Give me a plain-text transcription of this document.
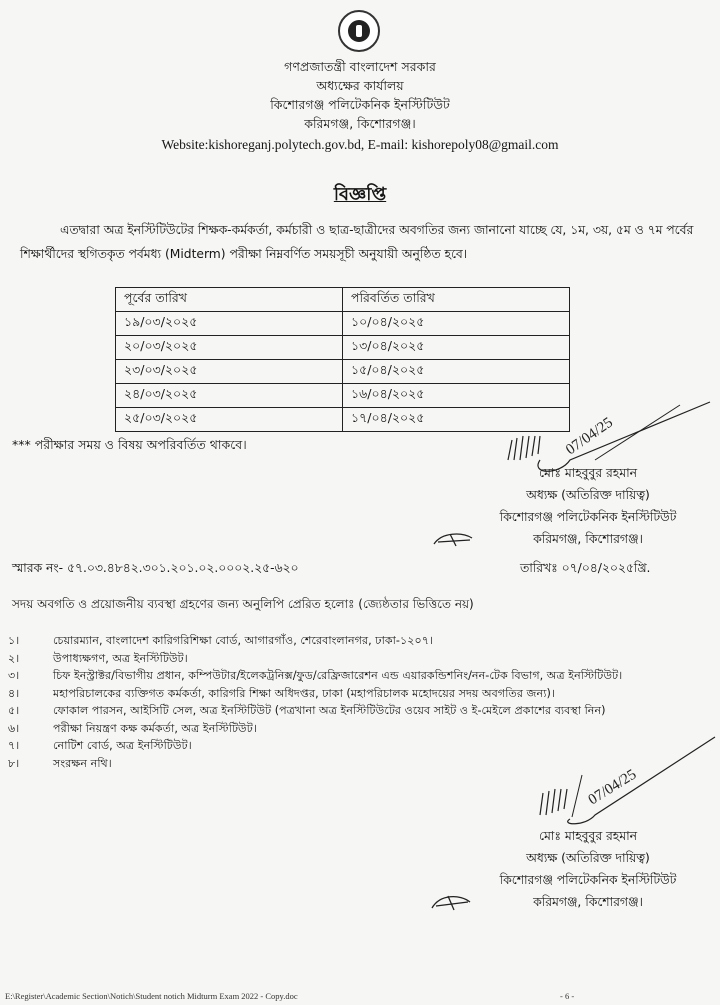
গণপ্রজাতন্ত্রী বাংলাদেশ সরকার
অধ্যক্ষের কার্যালয়
কিশোরগঞ্জ পলিটেকনিক ইনস্টিটিউট
করিমগঞ্জ, কিশোরগঞ্জ।
Website:kishoreganj.polytech.gov.bd, E-mail: kishorepoly08@gmail.com
বিজ্ঞপ্তি
এতদ্বারা অত্র ইনস্টিটিউটের শিক্ষক-কর্মকর্তা, কর্মচারী ও ছাত্র-ছাত্রীদের অবগতির জন্য জানানো যাচ্ছে যে, ১ম, ৩য়, ৫ম ও ৭ম পর্বের শিক্ষার্থীদের স্থগিতকৃত পর্বমধ্য (Midterm) পরীক্ষা নিম্নবর্ণিত সময়সূচী অনুযায়ী অনুষ্ঠিত হবে।
পূর্বের তারিখ	পরিবর্তিত তারিখ
১৯/০৩/২০২৫	১০/০৪/২০২৫
২০/০৩/২০২৫	১৩/০৪/২০২৫
২৩/০৩/২০২৫	১৫/০৪/২০২৫
২৪/০৩/২০২৫	১৬/০৪/২০২৫
২৫/০৩/২০২৫	১৭/০৪/২০২৫
*** পরীক্ষার সময় ও বিষয় অপরিবর্তিত থাকবে।	07/04/25
মোঃ মাহবুবুর রহমান
অধ্যক্ষ (অতিরিক্ত দায়িত্ব)
কিশোরগঞ্জ পলিটেকনিক ইনস্টিটিউট
করিমগঞ্জ, কিশোরগঞ্জ।
স্মারক নং- ৫৭.০৩.৪৮৪২.৩০১.২০১.০২.০০০২.২৫-৬২০	তারিখঃ ০৭/০৪/২০২৫খ্রি.
সদয় অবগতি ও প্রয়োজনীয় ব্যবস্থা গ্রহণের জন্য অনুলিপি প্রেরিত হলোঃ (জ্যেষ্ঠতার ভিত্তিতে নয়)
১।	চেয়ারম্যান, বাংলাদেশ কারিগরিশিক্ষা বোর্ড, আগারগাঁও, শেরেবাংলানগর, ঢাকা-১২০৭।
২।	উপাধ্যক্ষগণ, অত্র ইনস্টিটিউট।
৩।	চিফ ইনস্ট্রাক্টর/বিভাগীয় প্রধান, কম্পিউটার/ইলেকট্রনিক্স/ফুড/রেফ্রিজারেশন এন্ড এয়ারকন্ডিশনিং/নন-টেক বিভাগ, অত্র ইনস্টিটিউট।
৪।	মহাপরিচালকের ব্যক্তিগত কর্মকর্তা, কারিগরি শিক্ষা অধিদপ্তর, ঢাকা (মহাপরিচালক মহোদয়ের সদয় অবগতির জন্য)।
৫।	ফোকাল পারসন, আইসিটি সেল, অত্র ইনস্টিটিউট (পত্রখানা অত্র ইনস্টিটিউটের ওয়েব সাইট ও ই-মেইলে প্রকাশের ব্যবস্থা নিন)
৬।	পরীক্ষা নিয়ন্ত্রণ কক্ষ কর্মকর্তা, অত্র ইনস্টিটিউট।
৭।	নোটিশ বোর্ড, অত্র ইনস্টিটিউট।
৮।	সংরক্ষন নথি।
07/04/25
মোঃ মাহবুবুর রহমান
অধ্যক্ষ (অতিরিক্ত দায়িত্ব)
কিশোরগঞ্জ পলিটেকনিক ইনস্টিটিউট
করিমগঞ্জ, কিশোরগঞ্জ।
E:\Register\Academic Section\Notich\Student notich Midturm Exam 2022 - Copy.doc	- 6 -
